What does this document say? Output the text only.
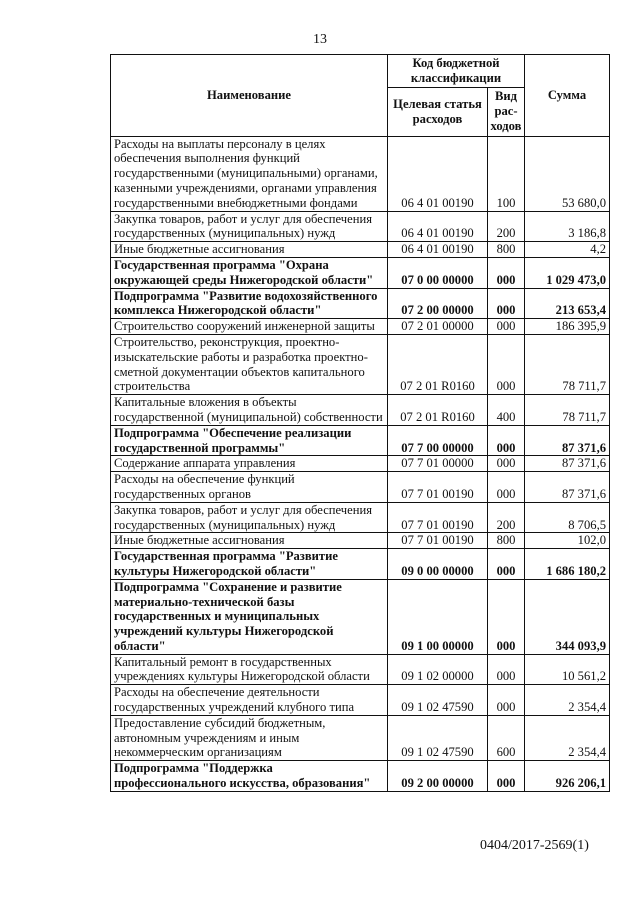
13
Наименование	Код бюджетной классификации		Сумма
	Целевая статья расходов	Вид рас-ходов	
Расходы на выплаты персоналу в целях обеспечения выполнения функций государственными (муниципальными) органами, казенными учреждениями, органами управления государственными внебюджетными фондами	06 4 01 00190	100	53 680,0
Закупка товаров, работ и услуг для обеспечения государственных (муниципальных) нужд	06 4 01 00190	200	3 186,8
Иные бюджетные ассигнования	06 4 01 00190	800	4,2
Государственная программа "Охрана окружающей среды Нижегородской области"	07 0 00 00000	000	1 029 473,0
Подпрограмма "Развитие водохозяйственного комплекса Нижегородской области"	07 2 00 00000	000	213 653,4
Строительство сооружений инженерной защиты	07 2 01 00000	000	186 395,9
Строительство, реконструкция, проектно-изыскательские работы и разработка проектно-сметной документации объектов капитального строительства	07 2 01 R0160	000	78 711,7
Капитальные вложения в объекты государственной (муниципальной) собственности	07 2 01 R0160	400	78 711,7
Подпрограмма "Обеспечение реализации государственной программы"	07 7 00 00000	000	87 371,6
Содержание аппарата управления	07 7 01 00000	000	87 371,6
Расходы на обеспечение функций государственных органов	07 7 01 00190	000	87 371,6
Закупка товаров, работ и услуг для обеспечения государственных (муниципальных) нужд	07 7 01 00190	200	8 706,5
Иные бюджетные ассигнования	07 7 01 00190	800	102,0
Государственная программа "Развитие культуры Нижегородской области"	09 0 00 00000	000	1 686 180,2
Подпрограмма "Сохранение и развитие материально-технической базы государственных и муниципальных учреждений культуры Нижегородской области"	09 1 00 00000	000	344 093,9
Капитальный ремонт в государственных учреждениях культуры Нижегородской области	09 1 02 00000	000	10 561,2
Расходы на обеспечение деятельности государственных учреждений клубного типа	09 1 02 47590	000	2 354,4
Предоставление субсидий бюджетным, автономным учреждениям и иным некоммерческим организациям	09 1 02 47590	600	2 354,4
Подпрограмма "Поддержка профессионального искусства, образования"	09 2 00 00000	000	926 206,1
0404/2017-2569(1)
